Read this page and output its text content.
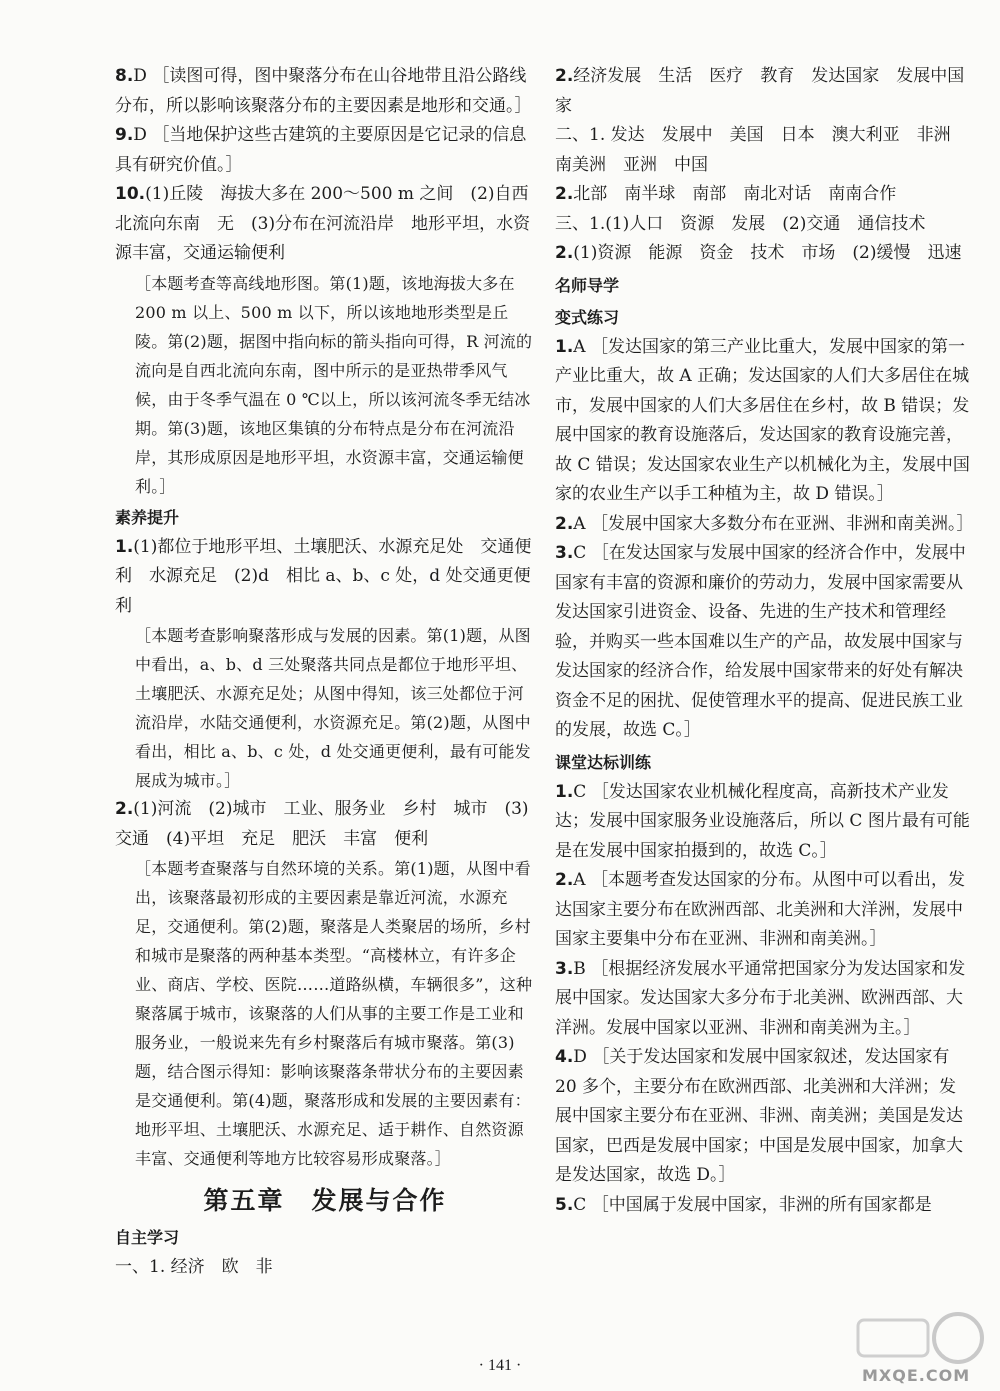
8.D ［读图可得，图中聚落分布在山谷地带且沿公路线分布，所以影响该聚落分布的主要因素是地形和交通。］

9.D ［当地保护这些古建筑的主要原因是它记录的信息具有研究价值。］

10.(1)丘陵　海拔大多在 200～500 m 之间　(2)自西北流向东南　无　(3)分布在河流沿岸　地形平坦，水资源丰富，交通运输便利

［本题考查等高线地形图。第(1)题，该地海拔大多在 200 m 以上、500 m 以下，所以该地地形类型是丘陵。第(2)题，据图中指向标的箭头指向可得，R 河流的流向是自西北流向东南，图中所示的是亚热带季风气候，由于冬季气温在 0 ℃以上，所以该河流冬季无结冰期。第(3)题，该地区集镇的分布特点是分布在河流沿岸，其形成原因是地形平坦，水资源丰富，交通运输便利。］

素养提升

1.(1)都位于地形平坦、土壤肥沃、水源充足处　交通便利　水源充足　(2)d　相比 a、b、c 处，d 处交通更便利

［本题考查影响聚落形成与发展的因素。第(1)题，从图中看出，a、b、d 三处聚落共同点是都位于地形平坦、土壤肥沃、水源充足处；从图中得知，该三处都位于河流沿岸，水陆交通便利，水资源充足。第(2)题，从图中看出，相比 a、b、c 处，d 处交通更便利，最有可能发展成为城市。］

2.(1)河流　(2)城市　工业、服务业　乡村　城市　(3)交通　(4)平坦　充足　肥沃　丰富　便利

［本题考查聚落与自然环境的关系。第(1)题，从图中看出，该聚落最初形成的主要因素是靠近河流，水源充足，交通便利。第(2)题，聚落是人类聚居的场所，乡村和城市是聚落的两种基本类型。“高楼林立，有许多企业、商店、学校、医院……道路纵横，车辆很多”，这种聚落属于城市，该聚落的人们从事的主要工作是工业和服务业，一般说来先有乡村聚落后有城市聚落。第(3)题，结合图示得知：影响该聚落条带状分布的主要因素是交通便利。第(4)题，聚落形成和发展的主要因素有：地形平坦、土壤肥沃、水源充足、适于耕作、自然资源丰富、交通便利等地方比较容易形成聚落。］

第五章　发展与合作

自主学习

一、1. 经济　欧　非

2.经济发展　生活　医疗　教育　发达国家　发展中国家

二、1. 发达　发展中　美国　日本　澳大利亚　非洲　南美洲　亚洲　中国

2.北部　南半球　南部　南北对话　南南合作

三、1.(1)人口　资源　发展　(2)交通　通信技术

2.(1)资源　能源　资金　技术　市场　(2)缓慢　迅速

名师导学

变式练习

1.A ［发达国家的第三产业比重大，发展中国家的第一产业比重大，故 A 正确；发达国家的人们大多居住在城市，发展中国家的人们大多居住在乡村，故 B 错误；发展中国家的教育设施落后，发达国家的教育设施完善，故 C 错误；发达国家农业生产以机械化为主，发展中国家的农业生产以手工种植为主，故 D 错误。］

2.A ［发展中国家大多数分布在亚洲、非洲和南美洲。］

3.C ［在发达国家与发展中国家的经济合作中，发展中国家有丰富的资源和廉价的劳动力，发展中国家需要从发达国家引进资金、设备、先进的生产技术和管理经验，并购买一些本国难以生产的产品，故发展中国家与发达国家的经济合作，给发展中国家带来的好处有解决资金不足的困扰、促使管理水平的提高、促进民族工业的发展，故选 C。］

课堂达标训练

1.C ［发达国家农业机械化程度高，高新技术产业发达；发展中国家服务业设施落后，所以 C 图片最有可能是在发展中国家拍摄到的，故选 C。］

2.A ［本题考查发达国家的分布。从图中可以看出，发达国家主要分布在欧洲西部、北美洲和大洋洲，发展中国家主要集中分布在亚洲、非洲和南美洲。］

3.B ［根据经济发展水平通常把国家分为发达国家和发展中国家。发达国家大多分布于北美洲、欧洲西部、大洋洲。发展中国家以亚洲、非洲和南美洲为主。］

4.D ［关于发达国家和发展中国家叙述，发达国家有 20 多个，主要分布在欧洲西部、北美洲和大洋洲；发展中国家主要分布在亚洲、非洲、南美洲；美国是发达国家，巴西是发展中国家；中国是发展中国家，加拿大是发达国家，故选 D。］

5.C ［中国属于发展中国家，非洲的所有国家都是

· 141 ·
MXQE.COM
